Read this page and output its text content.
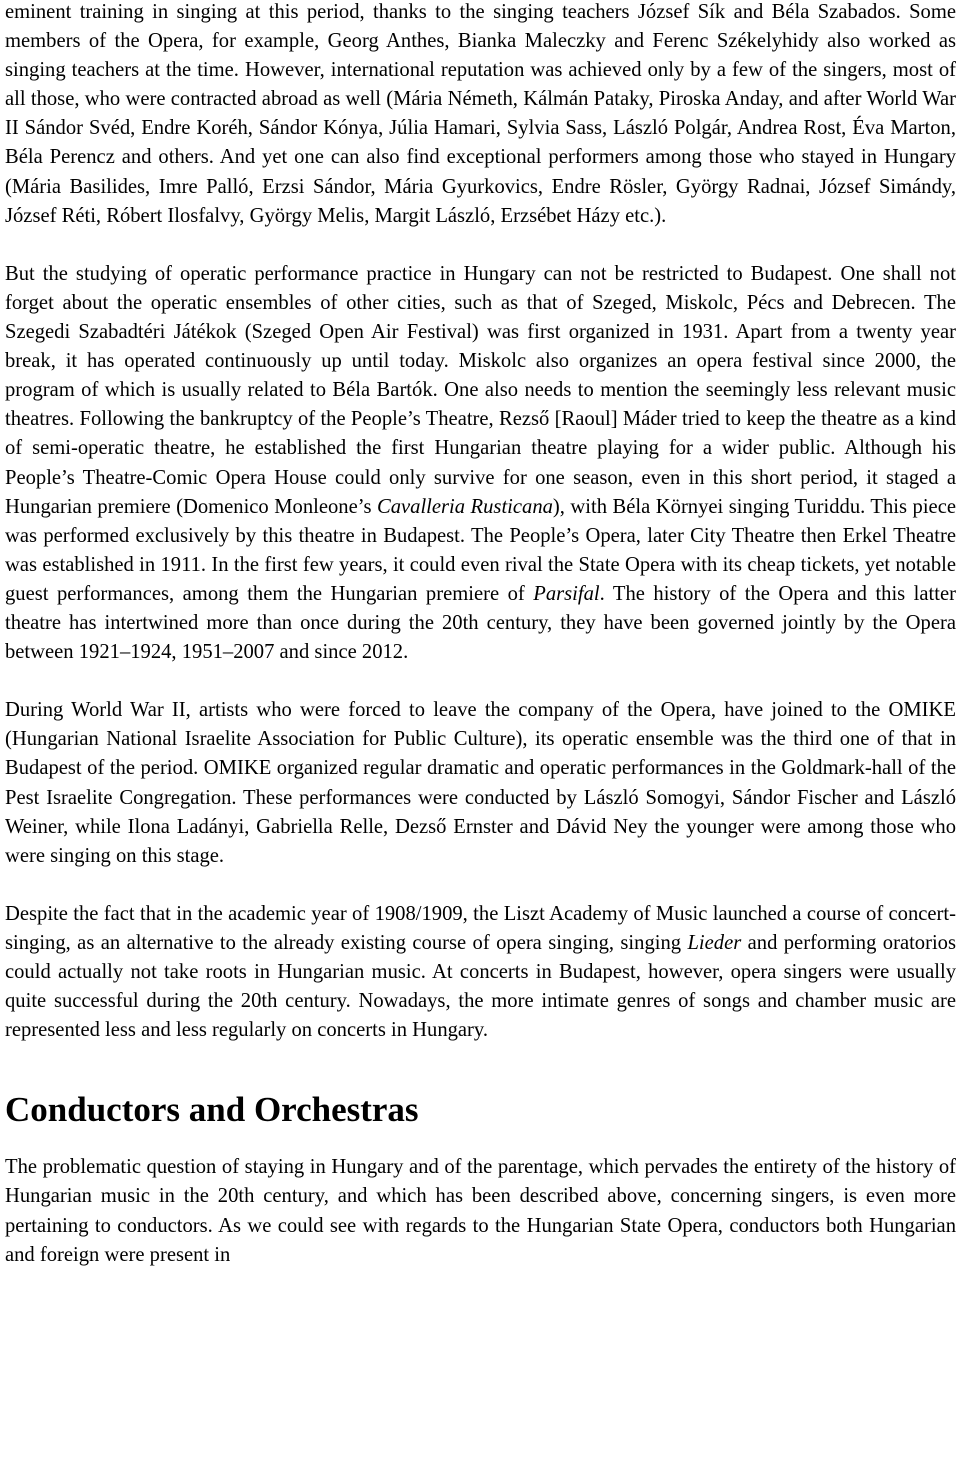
eminent training in singing at this period, thanks to the singing teachers József Sík and Béla Szabados. Some members of the Opera, for example, Georg Anthes, Bianka Maleczky and Ferenc Székelyhidy also worked as singing teachers at the time. However, international reputation was achieved only by a few of the singers, most of all those, who were contracted abroad as well (Mária Németh, Kálmán Pataky, Piroska Anday, and after World War II Sándor Svéd, Endre Koréh, Sándor Kónya, Júlia Hamari, Sylvia Sass, László Polgár, Andrea Rost, Éva Marton, Béla Perencz and others. And yet one can also find exceptional performers among those who stayed in Hungary (Mária Basilides, Imre Palló, Erzsi Sándor, Mária Gyurkovics, Endre Rösler, György Radnai, József Simándy, József Réti, Róbert Ilosfalvy, György Melis, Margit László, Erzsébet Házy etc.).

But the studying of operatic performance practice in Hungary can not be restricted to Budapest. One shall not forget about the operatic ensembles of other cities, such as that of Szeged, Miskolc, Pécs and Debrecen. The Szegedi Szabadtéri Játékok (Szeged Open Air Festival) was first organized in 1931. Apart from a twenty year break, it has operated continuously up until today. Miskolc also organizes an opera festival since 2000, the program of which is usually related to Béla Bartók. One also needs to mention the seemingly less relevant music theatres. Following the bankruptcy of the People’s Theatre, Rezső [Raoul] Máder tried to keep the theatre as a kind of semi-operatic theatre, he established the first Hungarian theatre playing for a wider public. Although his People’s Theatre-Comic Opera House could only survive for one season, even in this short period, it staged a Hungarian premiere (Domenico Monleone’s Cavalleria Rusticana), with Béla Környei singing Turiddu. This piece was performed exclusively by this theatre in Budapest. The People’s Opera, later City Theatre then Erkel Theatre was established in 1911. In the first few years, it could even rival the State Opera with its cheap tickets, yet notable guest performances, among them the Hungarian premiere of Parsifal. The history of the Opera and this latter theatre has intertwined more than once during the 20th century, they have been governed jointly by the Opera between 1921–1924, 1951–2007 and since 2012.

During World War II, artists who were forced to leave the company of the Opera, have joined to the OMIKE (Hungarian National Israelite Association for Public Culture), its operatic ensemble was the third one of that in Budapest of the period. OMIKE organized regular dramatic and operatic performances in the Goldmark-hall of the Pest Israelite Congregation. These performances were conducted by László Somogyi, Sándor Fischer and László Weiner, while Ilona Ladányi, Gabriella Relle, Dezső Ernster and Dávid Ney the younger were among those who were singing on this stage.

Despite the fact that in the academic year of 1908/1909, the Liszt Academy of Music launched a course of concert-singing, as an alternative to the already existing course of opera singing, singing Lieder and performing oratorios could actually not take roots in Hungarian music. At concerts in Budapest, however, opera singers were usually quite successful during the 20th century. Nowadays, the more intimate genres of songs and chamber music are represented less and less regularly on concerts in Hungary.

Conductors and Orchestras

The problematic question of staying in Hungary and of the parentage, which pervades the entirety of the history of Hungarian music in the 20th century, and which has been described above, concerning singers, is even more pertaining to conductors. As we could see with regards to the Hungarian State Opera, conductors both Hungarian and foreign were present in
